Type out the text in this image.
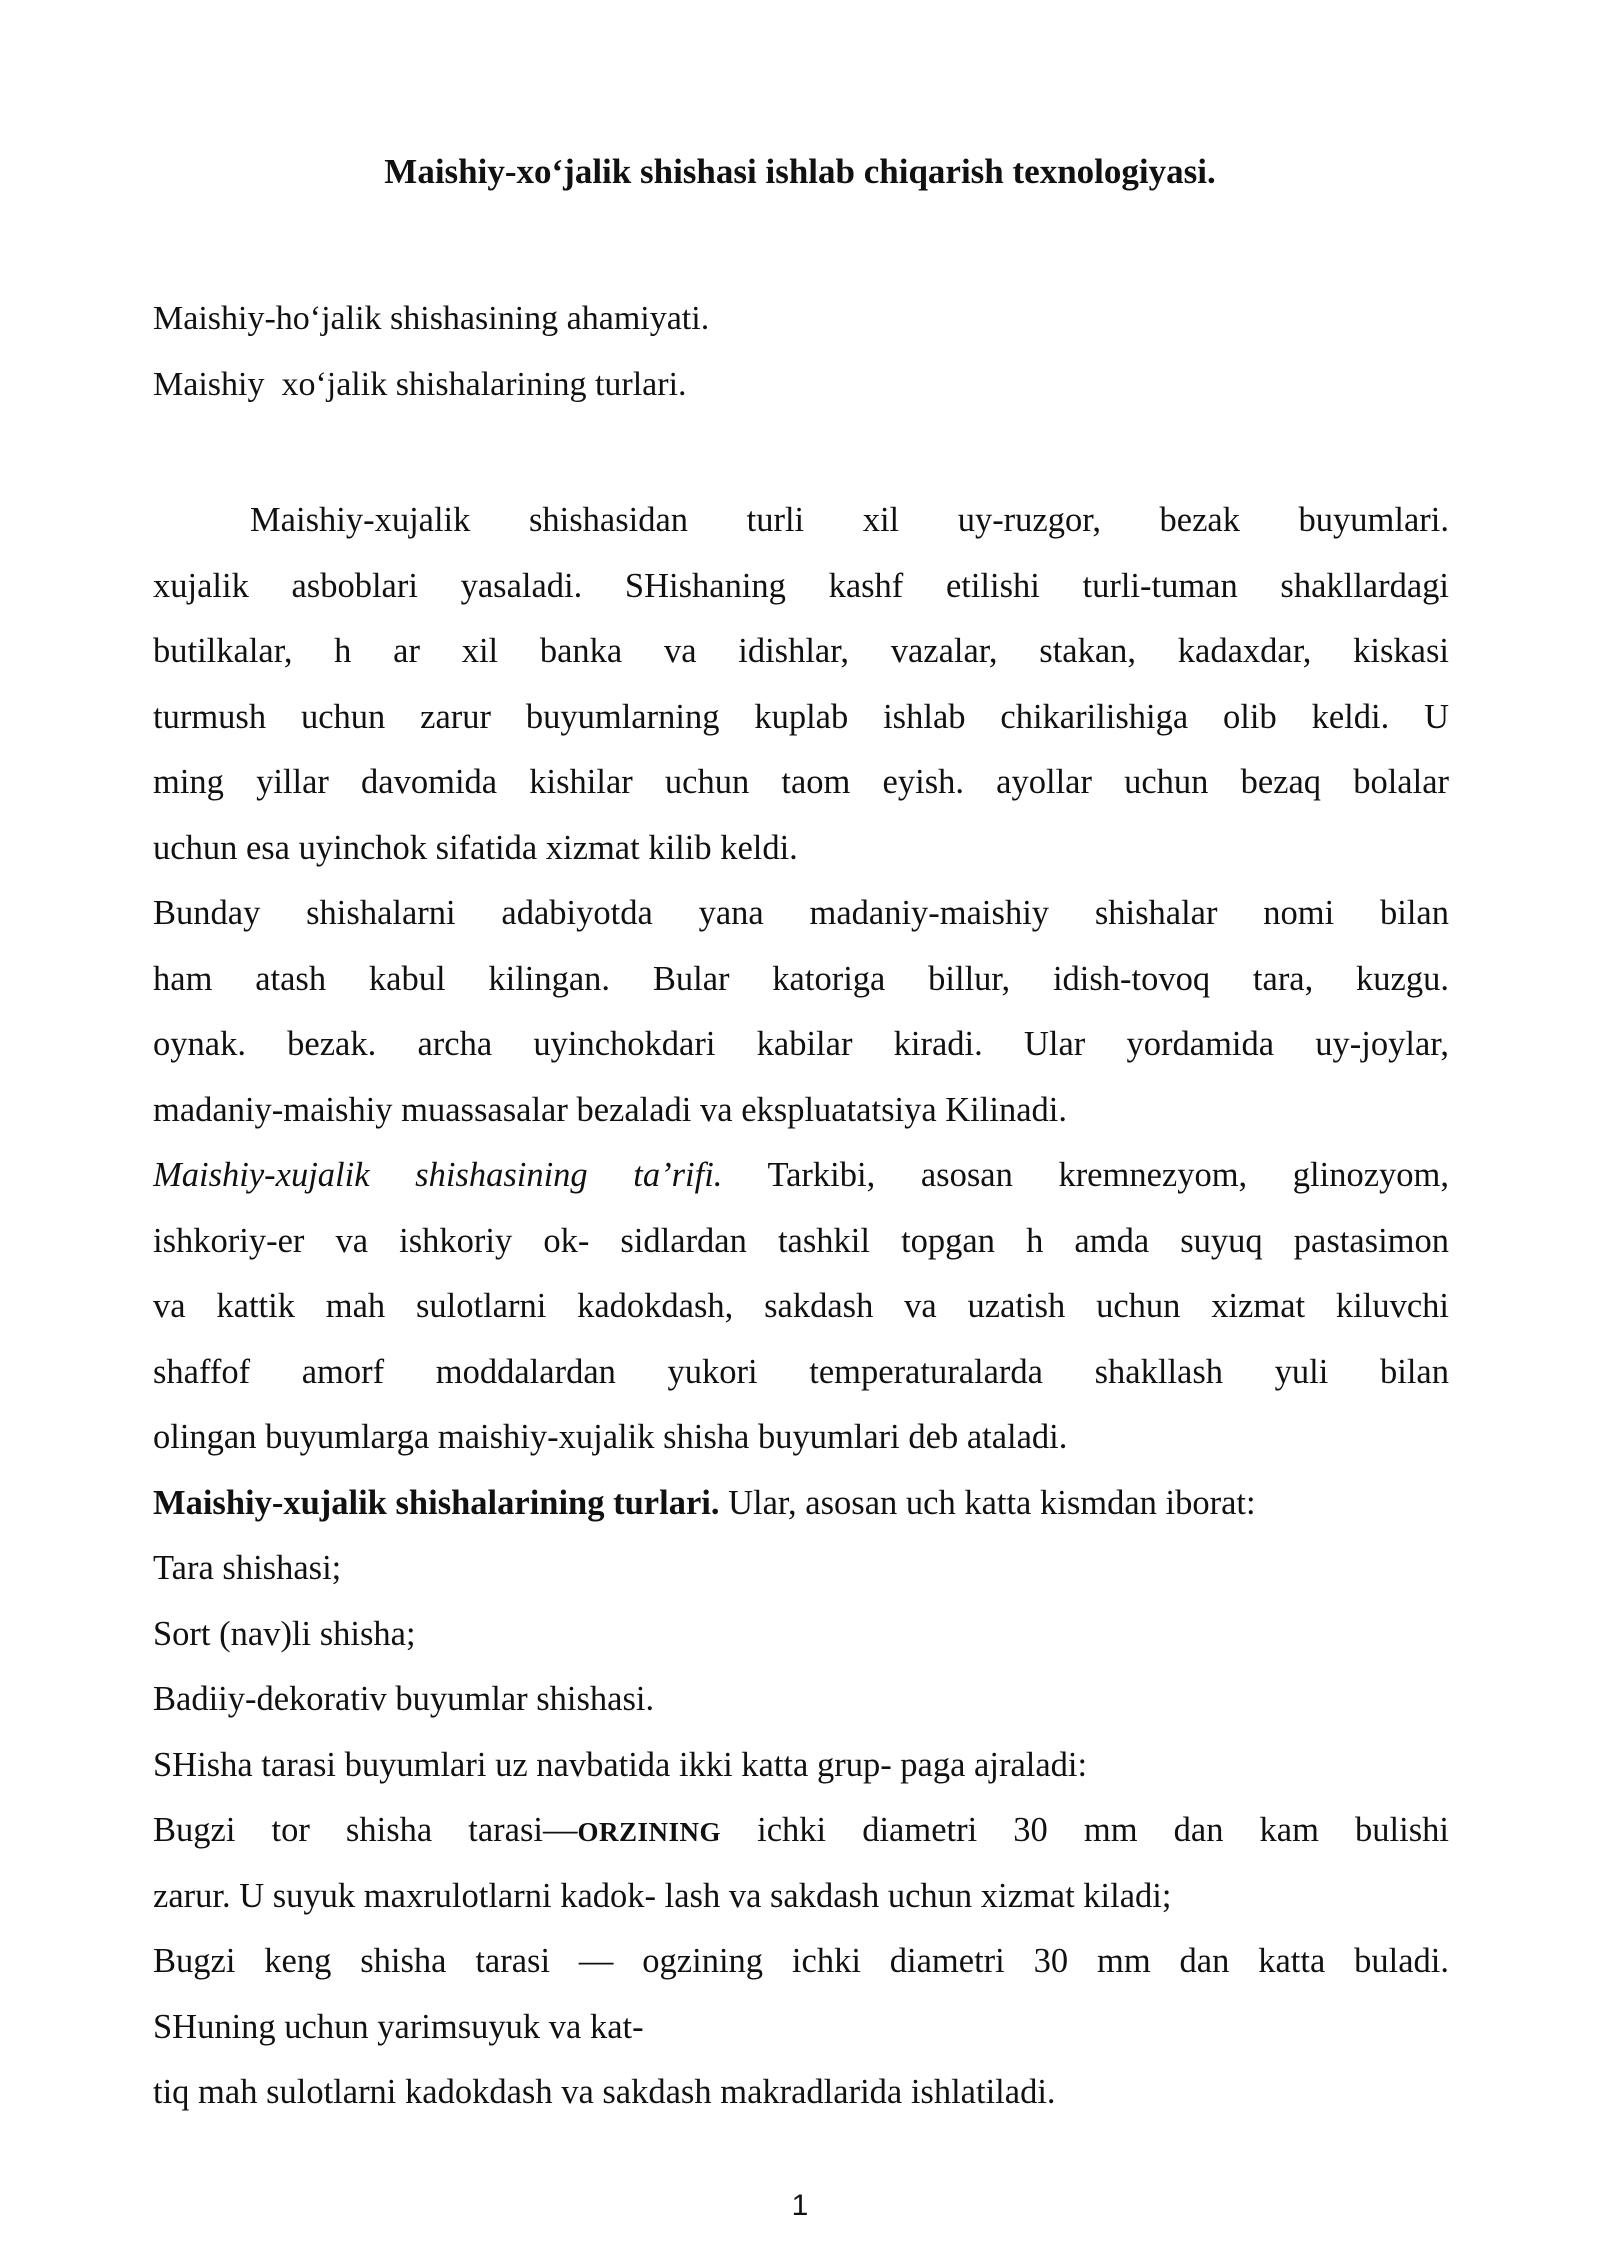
Maishiy-xo‘jalik shishasi ishlab chiqarish texnologiyasi.
Maishiy-ho‘jalik shishasining ahamiyati.
Maishiy  xo‘jalik shishalarining turlari.
Maishiy-xujalik shishasidan turli xil uy-ruzgor, bezak buyumlari.
xujalik asboblari yasaladi. SHishaning kashf etilishi turli-tuman shakllardagi
butilkalar, h ar xil banka va idishlar, vazalar, stakan, kadaxdar, kiskasi
turmush uchun zarur buyumlarning kuplab ishlab chikarilishiga olib keldi. U
ming yillar davomida kishilar uchun taom eyish. ayollar uchun bezaq bolalar
uchun esa uyinchok sifatida xizmat kilib keldi.
Bunday shishalarni adabiyotda yana madaniy-maishiy shishalar nomi bilan
ham atash kabul kilingan. Bular katoriga billur, idish-tovoq tara, kuzgu.
oynak. bezak. archa uyinchokdari kabilar kiradi. Ular yordamida uy-joylar,
madaniy-maishiy muassasalar bezaladi va ekspluatatsiya Kilinadi.
Maishiy-xujalik shishasining ta’rifi. Tarkibi, asosan kremnezyom, glinozyom,
ishkoriy-er va ishkoriy ok- sidlardan tashkil topgan h amda suyuq pastasimon
va kattik mah sulotlarni kadokdash, sakdash va uzatish uchun xizmat kiluvchi
shaffof amorf moddalardan yukori temperaturalarda shakllash yuli bilan
olingan buyumlarga maishiy-xujalik shisha buyumlari deb ataladi.
Maishiy-xujalik shishalarining turlari. Ular, asosan uch katta kismdan iborat:
Tara shishasi;
Sort (nav)li shisha;
Badiiy-dekorativ buyumlar shishasi.
SHisha tarasi buyumlari uz navbatida ikki katta grup- paga ajraladi:
Bugzi tor shisha tarasi—ORZINING ichki diametri 30 mm dan kam bulishi
zarur. U suyuk maxrulotlarni kadok- lash va sakdash uchun xizmat kiladi;
Bugzi keng shisha tarasi — ogzining ichki diametri 30 mm dan katta buladi.
SHuning uchun yarimsuyuk va kat-
tiq mah sulotlarni kadokdash va sakdash makradlarida ishlatiladi.
1
